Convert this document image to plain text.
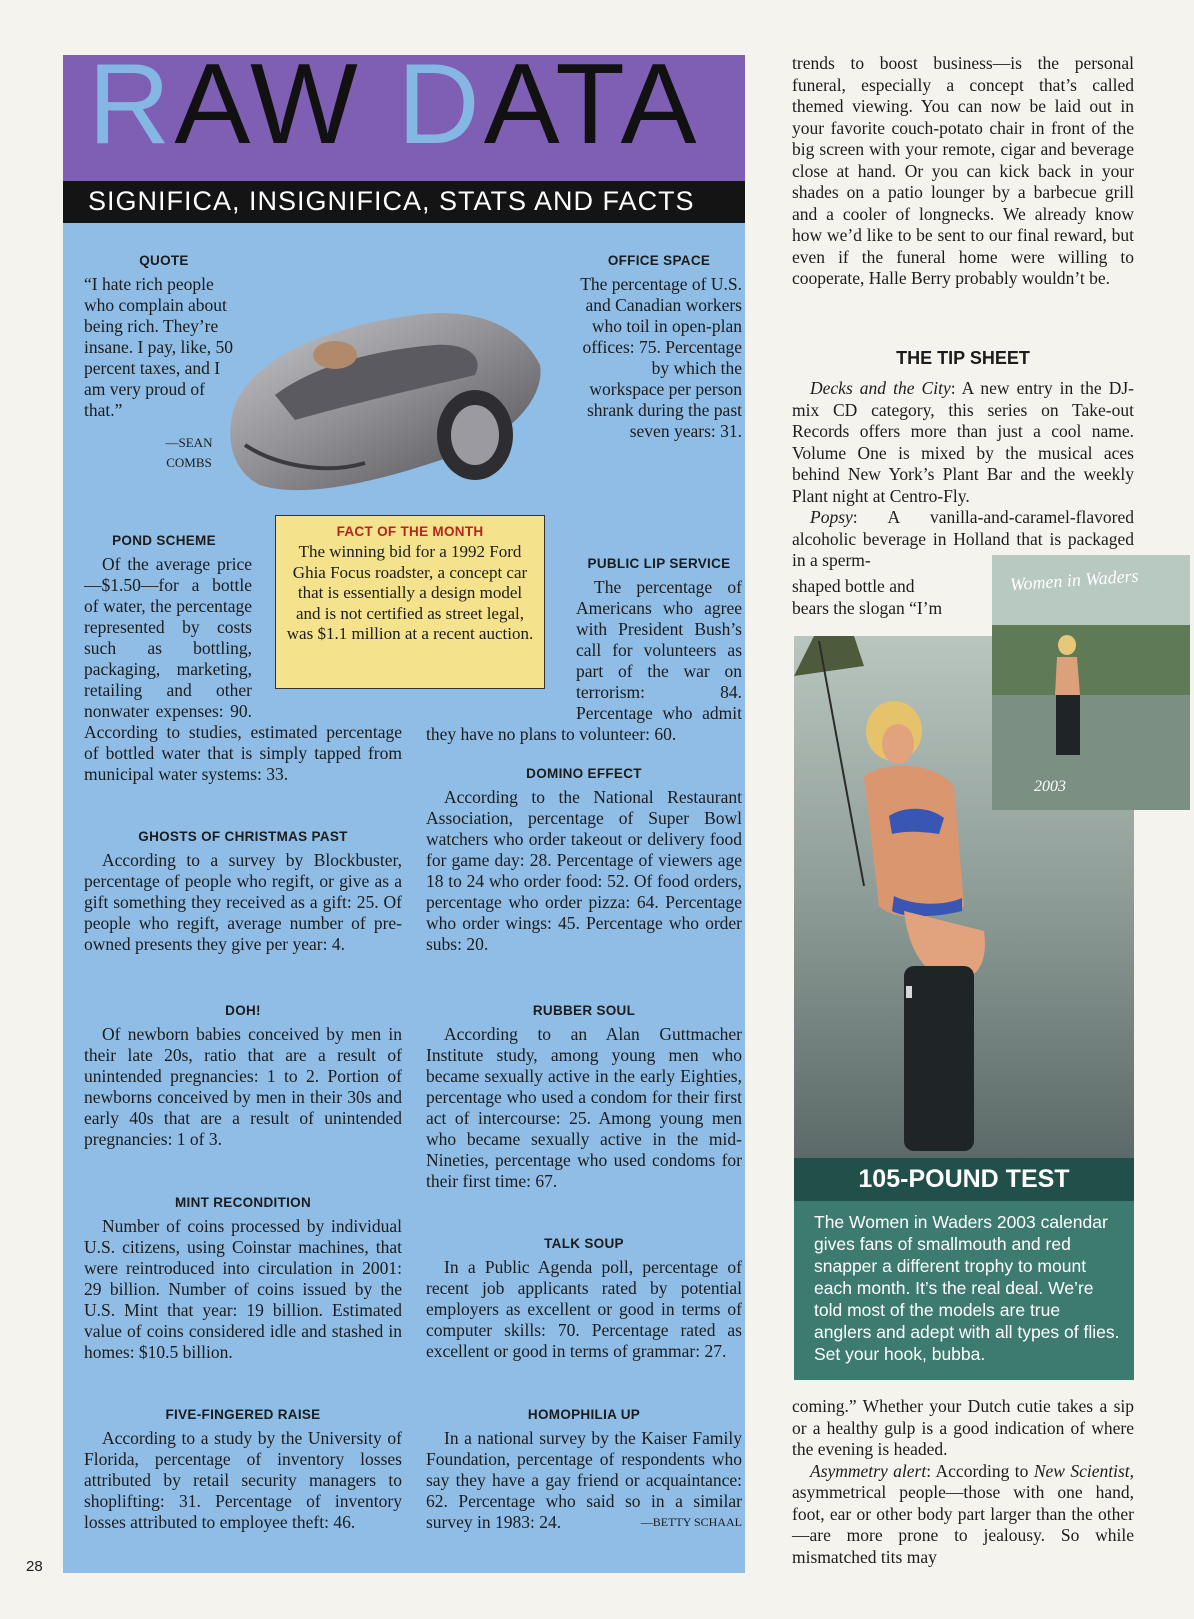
RAW DATA
SIGNIFICA, INSIGNIFICA, STATS AND FACTS
QUOTE
“I hate rich people who complain about being rich. They’re insane. I pay, like, 50 percent taxes, and I am very proud of that.”
—SEAN
COMBS
FACT OF THE MONTH

The winning bid for a 1992 Ford Ghia Focus roadster, a concept car that is essentially a design model and is not certified as street legal, was $1.1 million at a recent auction.

OFFICE SPACE
The percentage of U.S. and Canadian workers who toil in open-plan offices: 75. Percentage by which the workspace per person shrank during the past seven years: 31.
POND SCHEME

Of the average price—$1.50—for a bottle of water, the percentage represented by costs such as bottling, packaging, marketing, retailing and other nonwater expenses: 90. According to studies, estimated percentage of bottled water that is simply tapped from municipal water systems: 33.

PUBLIC LIP SERVICE

The percentage of Americans who agree with President Bush’s call for volunteers as part of the war on terrorism: 84. Percentage who admit they have no plans to volunteer: 60.

GHOSTS OF CHRISTMAS PAST

According to a survey by Blockbuster, percentage of people who regift, or give as a gift something they received as a gift: 25. Of people who regift, average number of pre-owned presents they give per year: 4.

DOMINO EFFECT

According to the National Restaurant Association, percentage of Super Bowl watchers who order takeout or delivery food for game day: 28. Percentage of viewers age 18 to 24 who order food: 52. Of food orders, percentage who order pizza: 64. Percentage who order wings: 45. Percentage who order subs: 20.

DOH!

Of newborn babies conceived by men in their late 20s, ratio that are a result of unintended pregnancies: 1 to 2. Portion of newborns conceived by men in their 30s and early 40s that are a result of unintended pregnancies: 1 of 3.

RUBBER SOUL

According to an Alan Guttmacher Institute study, among young men who became sexually active in the early Eighties, percentage who used a condom for their first act of intercourse: 25. Among young men who became sexually active in the mid-Nineties, percentage who used condoms for their first time: 67.

MINT RECONDITION

Number of coins processed by individual U.S. citizens, using Coinstar machines, that were reintroduced into circulation in 2001: 29 billion. Number of coins issued by the U.S. Mint that year: 19 billion. Estimated value of coins considered idle and stashed in homes: $10.5 billion.

TALK SOUP

In a Public Agenda poll, percentage of recent job applicants rated by potential employers as excellent or good in terms of computer skills: 70. Percentage rated as excellent or good in terms of grammar: 27.

FIVE-FINGERED RAISE

According to a study by the University of Florida, percentage of inventory losses attributed by retail security managers to shoplifting: 31. Percentage of inventory losses attributed to employee theft: 46.

HOMOPHILIA UP

In a national survey by the Kaiser Family Foundation, percentage of respondents who say they have a gay friend or acquaintance: 62. Percentage who said so in a similar survey in 1983: 24.	—BETTY SCHAAL
trends to boost business—is the personal funeral, especially a concept that’s called themed viewing. You can now be laid out in your favorite couch-potato chair in front of the big screen with your remote, cigar and beverage close at hand. Or you can kick back in your shades on a patio lounger by a barbecue grill and a cooler of longnecks. We already know how we’d like to be sent to our final reward, but even if the funeral home were willing to cooperate, Halle Berry probably wouldn’t be.
THE TIP SHEET

Decks and the City: A new entry in the DJ-mix CD category, this series on Take-out Records offers more than just a cool name. Volume One is mixed by the musical aces behind New York’s Plant Bar and the weekly Plant night at Centro-Fly.

Popsy: A vanilla-and-caramel-flavored alcoholic beverage in Holland that is packaged in a sperm-

shaped bottle and
bears the slogan “I’m
Women in Waders
2003
105-POUND TEST
The Women in Waders 2003 calendar gives fans of smallmouth and red snapper a different trophy to mount each month. It’s the real deal. We’re told most of the models are true anglers and adept with all types of flies. Set your hook, bubba.
coming.” Whether your Dutch cutie takes a sip or a healthy gulp is a good indication of where the evening is headed.

Asymmetry alert: According to New Scientist, asymmetrical people—those with one hand, foot, ear or other body part larger than the other—are more prone to jealousy. So while mismatched tits may

28
